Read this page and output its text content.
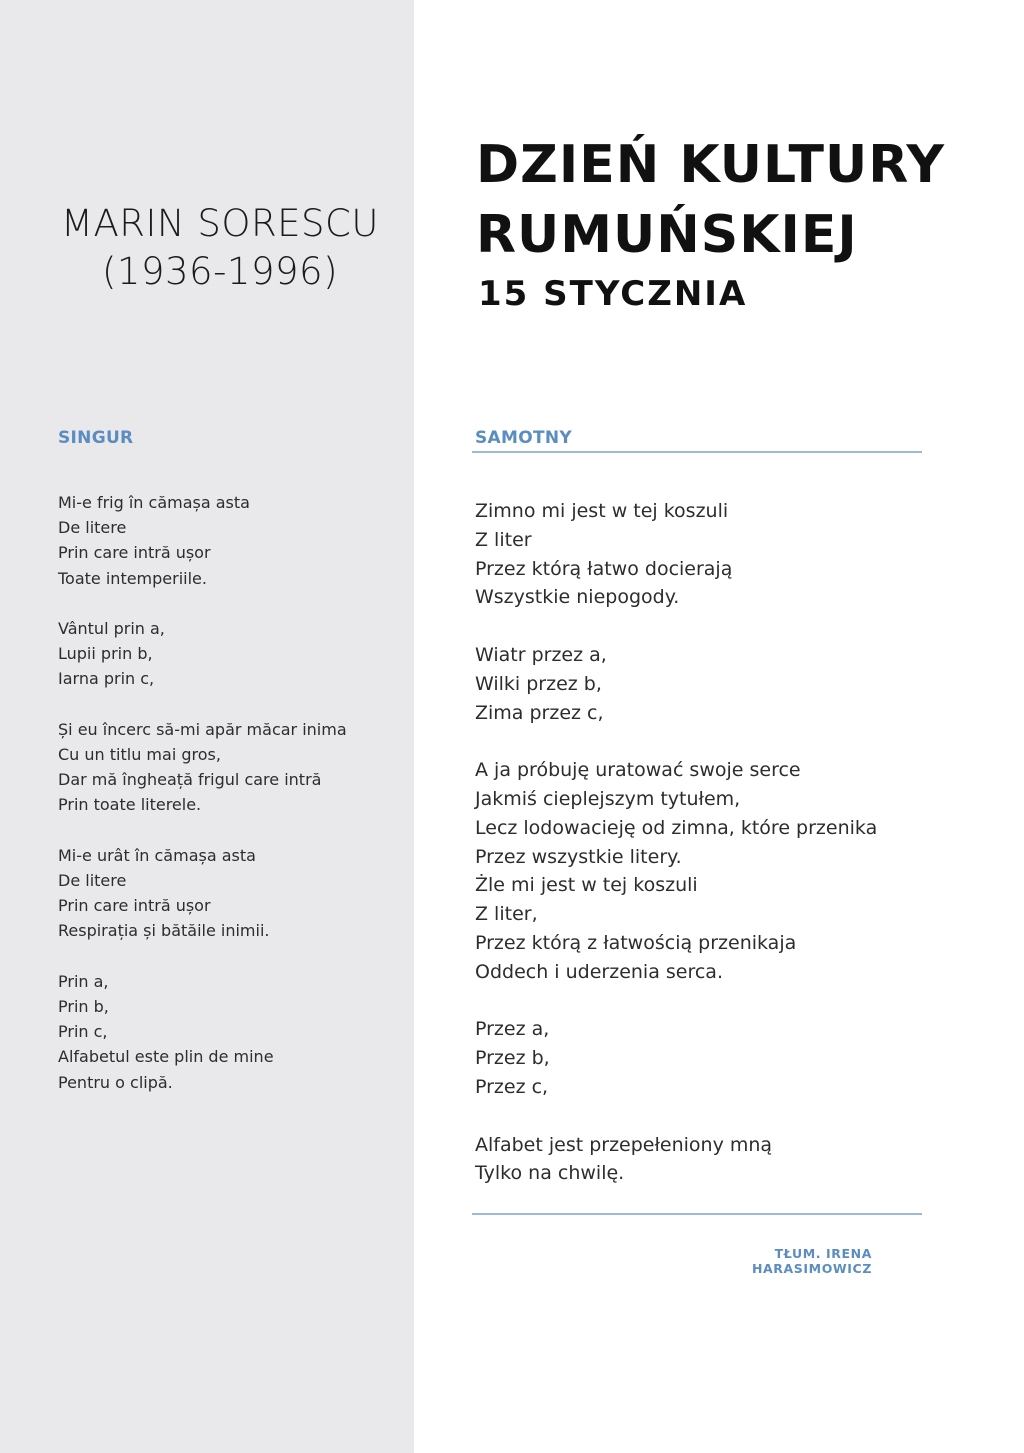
MARIN SORESCU
(1936-1996)
DZIEŃ KULTURY
RUMUŃSKIEJ
15 STYCZNIA
SINGUR	SAMOTNY
Mi-e frig în cămașa asta
De litere
Prin care intră ușor
Toate intemperiile.
Vântul prin a,
Lupii prin b,
Iarna prin c,
Și eu încerc să-mi apăr măcar inima
Cu un titlu mai gros,
Dar mă îngheață frigul care intră
Prin toate literele.
Mi-e urât în cămașa asta
De litere
Prin care intră ușor
Respirația și bătăile inimii.
Prin a,
Prin b,
Prin c,
Alfabetul este plin de mine
Pentru o clipă.
Zimno mi jest w tej koszuli
Z liter
Przez którą łatwo docierają
Wszystkie niepogody.
Wiatr przez a,
Wilki przez b,
Zima przez c,
A ja próbuję uratować swoje serce
Jakmiś cieplejszym tytułem,
Lecz lodowacieję od zimna, które przenika
Przez wszystkie litery.
Żle mi jest w tej koszuli
Z liter,
Przez którą z łatwością przenikaja
Oddech i uderzenia serca.
Przez a,
Przez b,
Przez c,
Alfabet jest przepełeniony mną
Tylko na chwilę.
TŁUM. IRENA HARASIMOWICZ
